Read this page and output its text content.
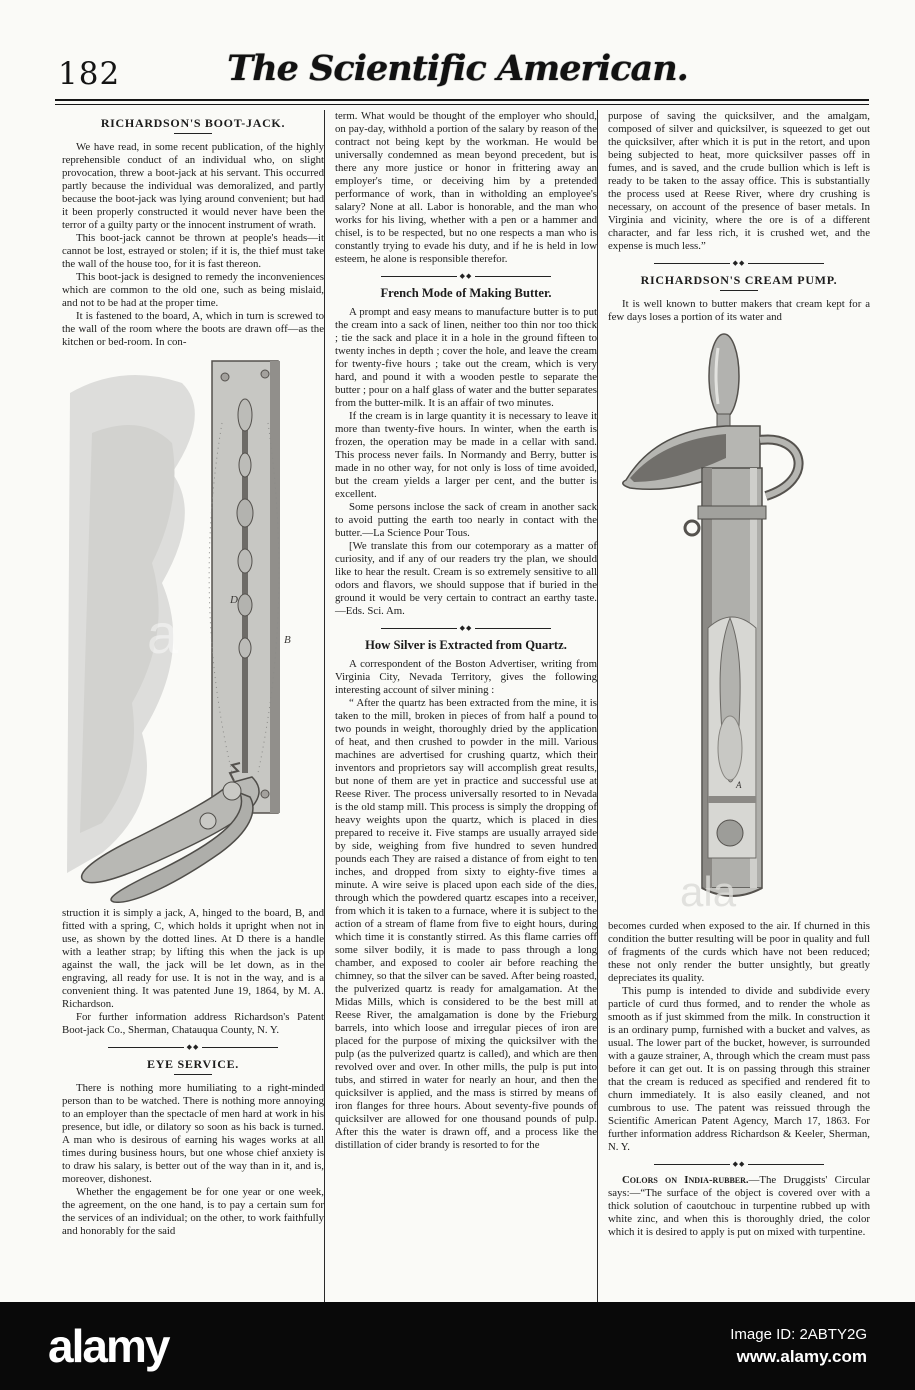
182	The Scientific American.
RICHARDSON'S BOOT-JACK.

We have read, in some recent publication, of the highly reprehensible conduct of an individual who, on slight provocation, threw a boot-jack at his servant. This occurred partly because the individual was demoralized, and partly because the boot-jack was lying around convenient; but had it been properly constructed it would never have been the terror of a guilty party or the innocent instrument of wrath.

This boot-jack cannot be thrown at people's heads—it cannot be lost, estrayed or stolen; if it is, the thief must take the wall of the house too, for it is fast thereon.

This boot-jack is designed to remedy the inconveniences which are common to the old one, such as being mislaid, and not to be had at the proper time.

It is fastened to the board, A, which in turn is screwed to the wall of the room where the boots are drawn off—as the kitchen or bed-room. In con-

D
B
a

struction it is simply a jack, A, hinged to the board, B, and fitted with a spring, C, which holds it upright when not in use, as shown by the dotted lines. At D there is a handle with a leather strap; by lifting this when the jack is up against the wall, the jack will be let down, as in the engraving, all ready for use. It is not in the way, and is a convenient thing. It was patented June 19, 1864, by M. A. Richardson.

For further information address Richardson's Patent Boot-jack Co., Sherman, Chatauqua County, N. Y.

◆◆
EYE SERVICE.

There is nothing more humiliating to a right-minded person than to be watched. There is nothing more annoying to an employer than the spectacle of men hard at work in his presence, but idle, or dilatory so soon as his back is turned. A man who is desirous of earning his wages works at all times during business hours, but one whose chief anxiety is to draw his salary, is better out of the way than in it, and is, moreover, dishonest.

Whether the engagement be for one year or one week, the agreement, on the one hand, is to pay a certain sum for the services of an individual; on the other, to work faithfully and honorably for the said

term. What would be thought of the employer who should, on pay-day, withhold a portion of the salary by reason of the contract not being kept by the workman. He would be universally condemned as mean beyond precedent, but is there any more justice or honor in frittering away an employer's time, or deceiving him by a pretended performance of work, than in witholding an employee's salary? None at all. Labor is honorable, and the man who works for his living, whether with a pen or a hammer and chisel, is to be respected, but no one respects a man who is constantly trying to evade his duty, and if he is held in low esteem, he alone is responsible therefor.

◆◆
French Mode of Making Butter.

A prompt and easy means to manufacture butter is to put the cream into a sack of linen, neither too thin nor too thick ; tie the sack and place it in a hole in the ground fifteen to twenty inches in depth ; cover the hole, and leave the cream for twenty-five hours ; take out the cream, which is very hard, and pound it with a wooden pestle to separate the butter ; pour on a half glass of water and the butter separates from the butter-milk. It is an affair of two minutes.

If the cream is in large quantity it is necessary to leave it more than twenty-five hours. In winter, when the earth is frozen, the operation may be made in a cellar with sand. This process never fails. In Normandy and Berry, butter is made in no other way, for not only is loss of time avoided, but the cream yields a larger per cent, and the butter is excellent.

Some persons inclose the sack of cream in another sack to avoid putting the earth too nearly in contact with the butter.—La Science Pour Tous.

[We translate this from our cotemporary as a matter of curiosity, and if any of our readers try the plan, we should like to hear the result. Cream is so extremely sensitive to all odors and flavors, we should suppose that if buried in the ground it would be very certain to contract an earthy taste.—Eds. Sci. Am.

◆◆
How Silver is Extracted from Quartz.

A correspondent of the Boston Advertiser, writing from Virginia City, Nevada Territory, gives the following interesting account of silver mining :

“ After the quartz has been extracted from the mine, it is taken to the mill, broken in pieces of from half a pound to two pounds in weight, thoroughly dried by the application of heat, and then crushed to powder in the mill. Various machines are advertised for crushing quartz, which their inventors and proprietors say will accomplish great results, but none of them are yet in practice and successful use at Reese River. The process universally resorted to in Nevada is the old stamp mill. This process is simply the dropping of heavy weights upon the quartz, which is placed in dies prepared to receive it. Five stamps are usually arrayed side by side, weighing from five hundred to seven hundred pounds each They are raised a distance of from eight to ten inches, and dropped from sixty to eighty-five times a minute. A wire seive is placed upon each side of the dies, through which the powdered quartz escapes into a receiver, from which it is taken to a furnace, where it is subject to the action of a stream of flame from five to eight hours, during which time it is constantly stirred. As this flame carries off some silver bodily, it is made to pass through a long chamber, and exposed to cooler air before reaching the chimney, so that the silver can be saved. After being roasted, the pulverized quartz is ready for amalgamation. At the Midas Mills, which is considered to be the best mill at Reese River, the amalgamation is done by the Frieburg barrels, into which loose and irregular pieces of iron are placed for the purpose of mixing the quicksilver with the pulp (as the pulverized quartz is called), and which are then revolved over and over. In other mills, the pulp is put into tubs, and stirred in water for nearly an hour, and then the quicksilver is applied, and the mass is stirred by means of iron flanges for three hours. About seventy-five pounds of quicksilver are allowed for one thousand pounds of pulp. After this the water is drawn off, and a process like the distillation of cider brandy is resorted to for the

purpose of saving the quicksilver, and the amalgam, composed of silver and quicksilver, is squeezed to get out the quicksilver, after which it is put in the retort, and upon being subjected to heat, more quicksilver passes off in fumes, and is saved, and the crude bullion which is left is ready to be taken to the assay office. This is substantially the process used at Reese River, where dry crushing is necessary, on account of the presence of baser metals. In Virginia and vicinity, where the ore is of a different character, and far less rich, it is crushed wet, and the expense is much less.”

◆◆
RICHARDSON'S CREAM PUMP.

It is well known to butter makers that cream kept for a few days loses a portion of its water and

A
ala

becomes curded when exposed to the air. If churned in this condition the butter resulting will be poor in quality and full of fragments of the curds which have not been reduced; these not only render the butter unsightly, but greatly depreciates its quality.

This pump is intended to divide and subdivide every particle of curd thus formed, and to render the whole as smooth as if just skimmed from the milk. In construction it is an ordinary pump, furnished with a bucket and valves, as usual. The lower part of the bucket, however, is surrounded with a gauze strainer, A, through which the cream must pass before it can get out. It is on passing through this strainer that the cream is reduced as specified and rendered fit to churn immediately. It is also easily cleaned, and not cumbrous to use. The patent was reissued through the Scientific American Patent Agency, March 17, 1863. For further information address Richardson & Keeler, Sherman, N. Y.

◆◆

Colors on India-rubber.—The Druggists' Circular says:—“The surface of the object is covered over with a thick solution of caoutchouc in turpentine rubbed up with white zinc, and when this is thoroughly dried, the color which it is desired to apply is put on mixed with turpentine.

alamy	Image ID: 2ABTY2G
www.alamy.com
